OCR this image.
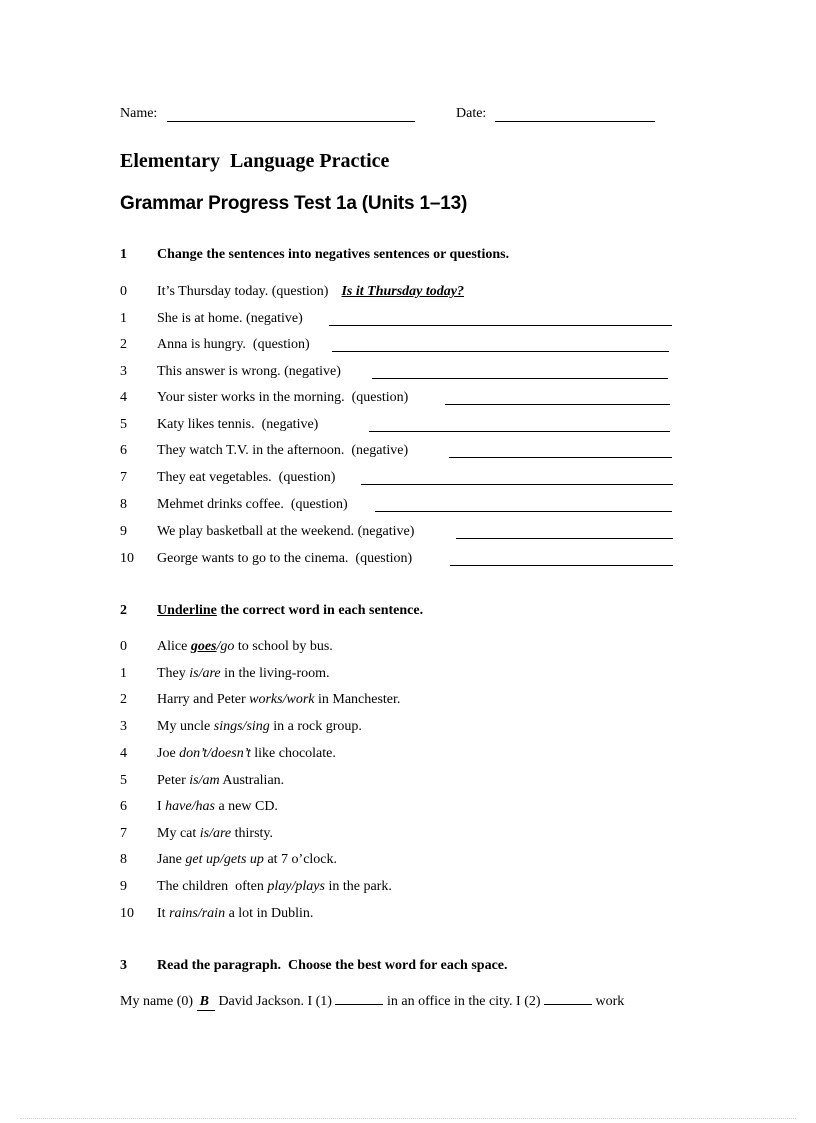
Name:	Date:
Elementary  Language Practice
Grammar Progress Test 1a (Units 1–13)
1 Change the sentences into negatives sentences or questions.
0 It’s Thursday today. (question) Is it Thursday today?
1 She is at home. (negative)
2 Anna is hungry.  (question)
3 This answer is wrong. (negative)
4 Your sister works in the morning.  (question)
5 Katy likes tennis.  (negative)
6 They watch T.V. in the afternoon.  (negative)
7 They eat vegetables.  (question)
8 Mehmet drinks coffee.  (question)
9 We play basketball at the weekend. (negative)
10 George wants to go to the cinema.  (question)
2 Underline the correct word in each sentence.
0 Alice goes/go to school by bus.
1 They is/are in the living-room.
2 Harry and Peter works/work in Manchester.
3 My uncle sings/sing in a rock group.
4 Joe don’t/doesn’t like chocolate.
5 Peter is/am Australian.
6 I have/has a new CD.
7 My cat is/are thirsty.
8 Jane get up/gets up at 7 o’clock.
9 The children  often play/plays in the park.
10 It rains/rain a lot in Dublin.
3 Read the paragraph.  Choose the best word for each space.
My name (0) B David Jackson. I (1)	in an office in the city. I (2)	work
